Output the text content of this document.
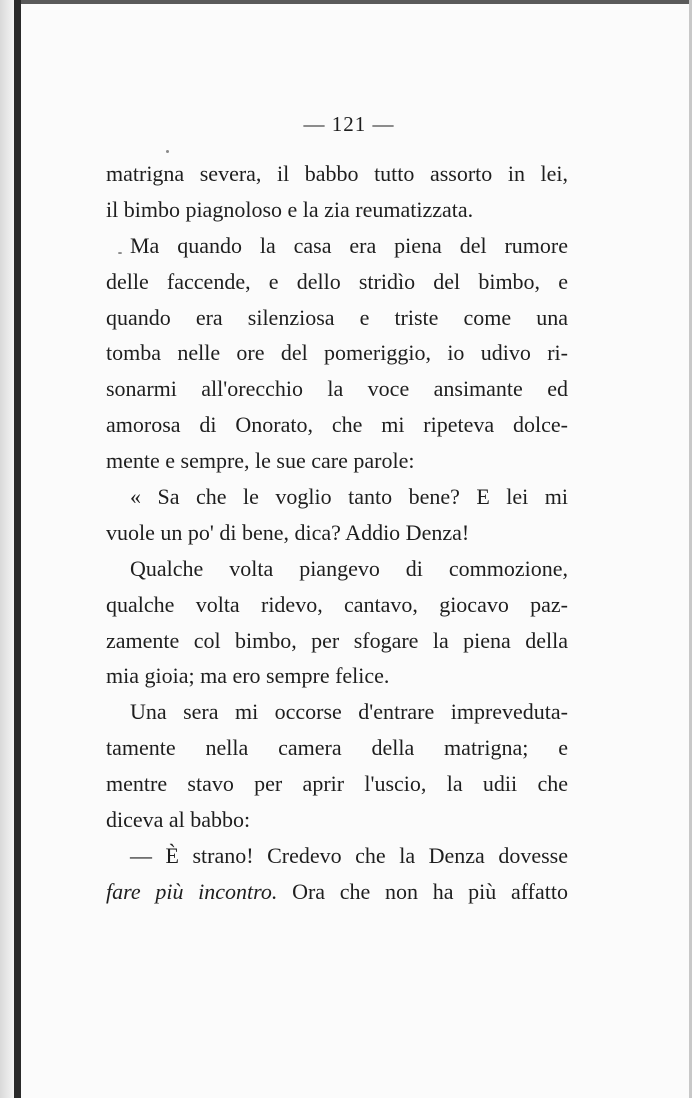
— 121 —
matrigna severa, il babbo tutto assorto in lei,
il bimbo piagnoloso e la zia reumatizzata.
Ma quando la casa era piena del rumore
delle faccende, e dello stridìo del bimbo, e
quando era silenziosa e triste come una
tomba nelle ore del pomeriggio, io udivo ri-
sonarmi all'orecchio la voce ansimante ed
amorosa di Onorato, che mi ripeteva dolce-
mente e sempre, le sue care parole:
« Sa che le voglio tanto bene? E lei mi
vuole un po' di bene, dica? Addio Denza!
Qualche volta piangevo di commozione,
qualche volta ridevo, cantavo, giocavo paz-
zamente col bimbo, per sfogare la piena della
mia gioia; ma ero sempre felice.
Una sera mi occorse d'entrare impreveduta-
tamente nella camera della matrigna; e
mentre stavo per aprir l'uscio, la udii che
diceva al babbo:
— È strano! Credevo che la Denza dovesse
fare più incontro. Ora che non ha più affatto
